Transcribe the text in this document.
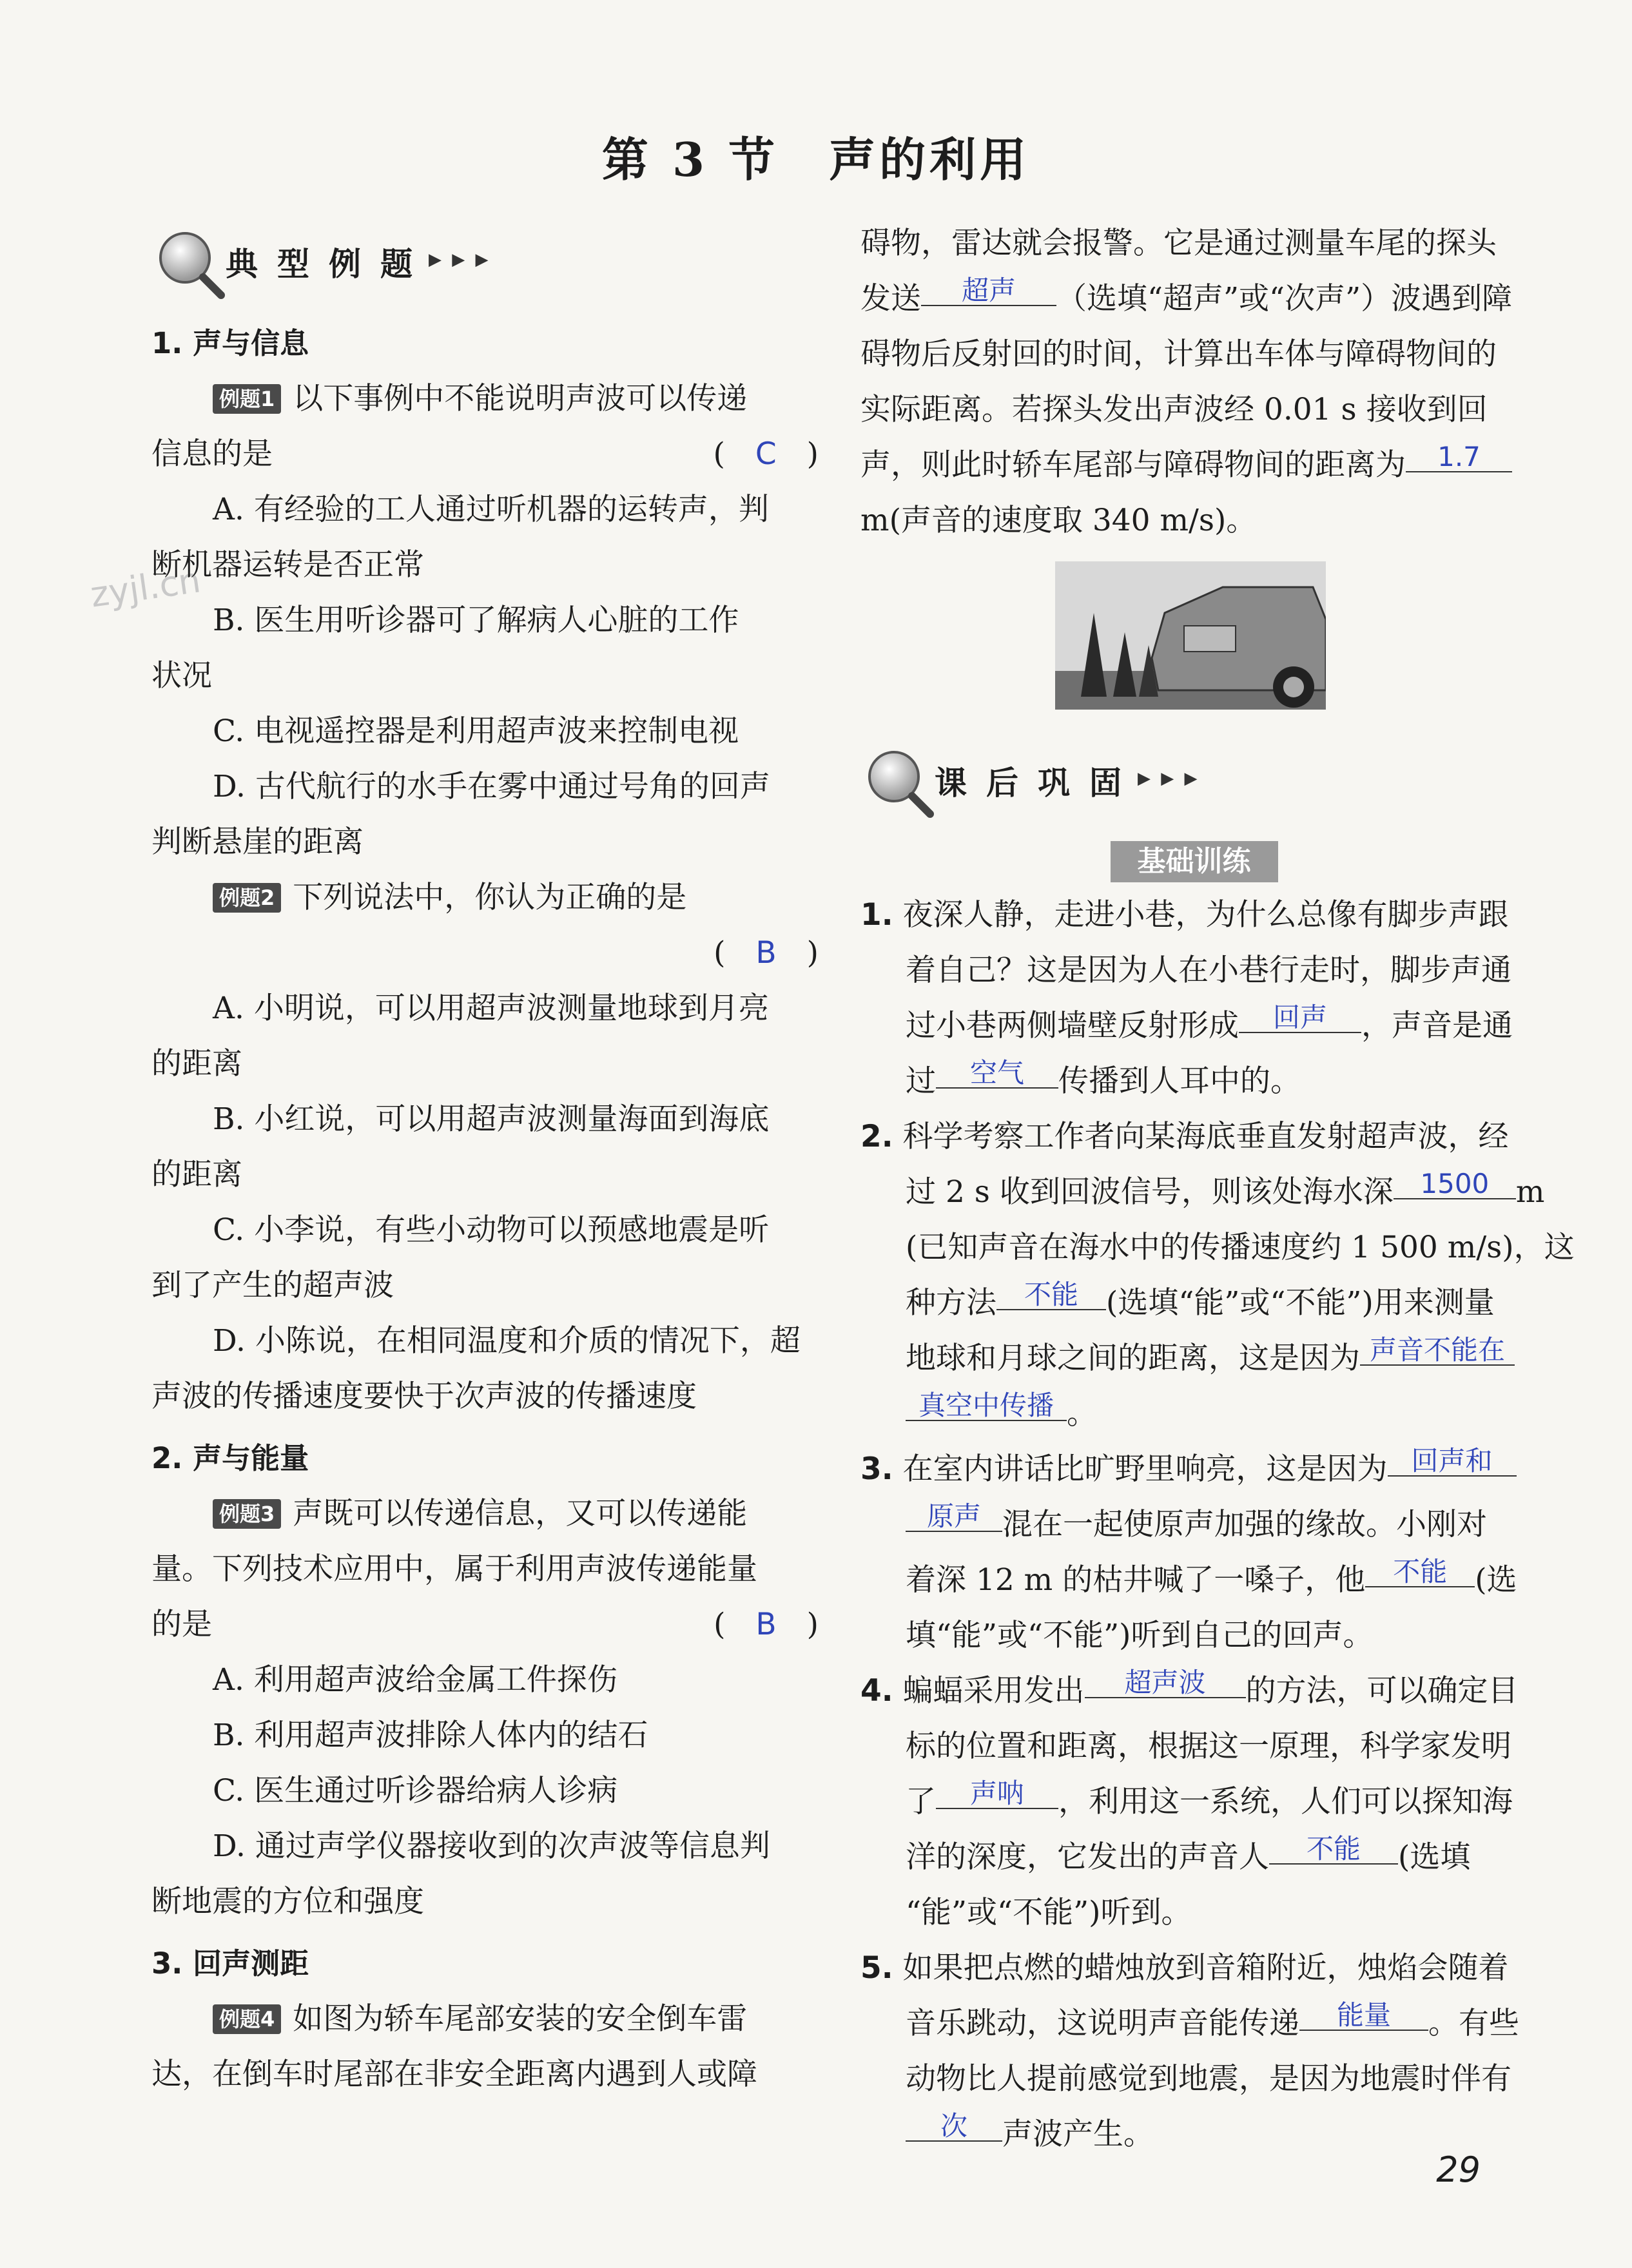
第 3 节　声的利用
zyjl.cn
典型例题
▶ ▶ ▶
1. 声与信息
例题1 以下事例中不能说明声波可以传递
信息的是	(　C　)
A. 有经验的工人通过听机器的运转声，判
断机器运转是否正常
B. 医生用听诊器可了解病人心脏的工作
状况
C. 电视遥控器是利用超声波来控制电视
D. 古代航行的水手在雾中通过号角的回声
判断悬崖的距离
例题2 下列说法中，你认为正确的是
(　B　)

A. 小明说，可以用超声波测量地球到月亮
的距离
B. 小红说，可以用超声波测量海面到海底
的距离
C. 小李说，有些小动物可以预感地震是听
到了产生的超声波
D. 小陈说，在相同温度和介质的情况下，超
声波的传播速度要快于次声波的传播速度
2. 声与能量
例题3 声既可以传递信息，又可以传递能
量。下列技术应用中，属于利用声波传递能量
的是	(　B　)
A. 利用超声波给金属工件探伤
B. 利用超声波排除人体内的结石
C. 医生通过听诊器给病人诊病
D. 通过声学仪器接收到的次声波等信息判
断地震的方位和强度
3. 回声测距
例题4 如图为轿车尾部安装的安全倒车雷
达，在倒车时尾部在非安全距离内遇到人或障
碍物，雷达就会报警。它是通过测量车尾的探头
发送 超声 （选填“超声”或“次声”）波遇到障
碍物后反射回的时间，计算出车体与障碍物间的
实际距离。若探头发出声波经 0.01 s 接收到回
声，则此时轿车尾部与障碍物间的距离为 1.7
m(声音的速度取 340 m/s)。
课后巩固
▶ ▶ ▶
基础训练
1. 夜深人静，走进小巷，为什么总像有脚步声跟
着自己？这是因为人在小巷行走时，脚步声通
过小巷两侧墙壁反射形成 回声 ，声音是通
过 空气 传播到人耳中的。
2. 科学考察工作者向某海底垂直发射超声波，经
过 2 s 收到回波信号，则该处海水深 1500 m
(已知声音在海水中的传播速度约 1 500 m/s)，这
种方法 不能 (选填“能”或“不能”)用来测量
地球和月球之间的距离，这是因为 声音不能在
真空中传播 。
3. 在室内讲话比旷野里响亮，这是因为 回声和
原声 混在一起使原声加强的缘故。小刚对
着深 12 m 的枯井喊了一嗓子，他 不能 (选
填“能”或“不能”)听到自己的回声。
4. 蝙蝠采用发出 超声波 的方法，可以确定目
标的位置和距离，根据这一原理，科学家发明
了 声呐 ，利用这一系统，人们可以探知海
洋的深度，它发出的声音人 不能 (选填
“能”或“不能”)听到。
5. 如果把点燃的蜡烛放到音箱附近，烛焰会随着
音乐跳动，这说明声音能传递 能量 。有些
动物比人提前感觉到地震，是因为地震时伴有
次 声波产生。
29
